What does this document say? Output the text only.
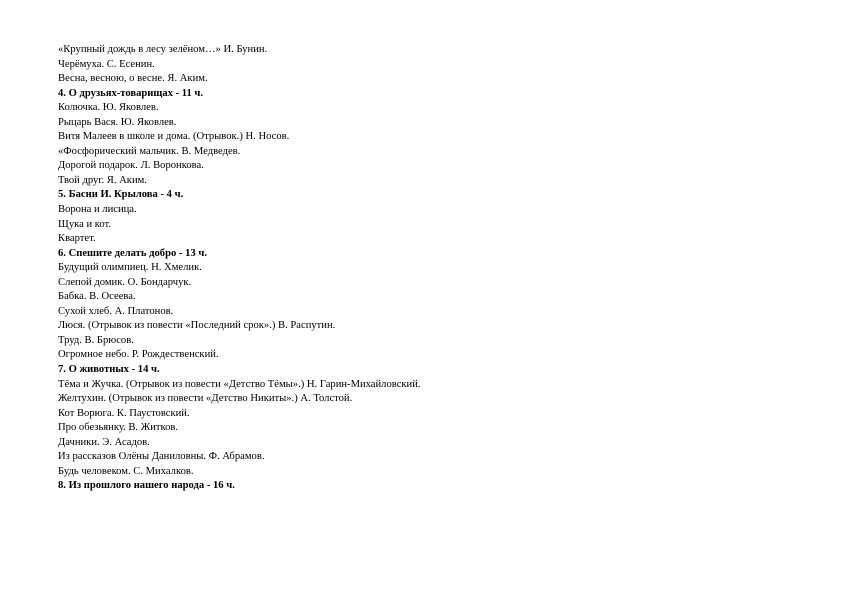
«Крупный дождь в лесу зелёном…» И. Бунин.
Черёмуха. С. Есенин.
Весна, весною, о весне. Я. Аким.
4. О друзьях-товарищах - 11 ч.
Колючка. Ю. Яковлев.
Рыцарь Вася. Ю. Яковлев.
Витя Малеев в школе и дома. (Отрывок.) Н. Носов.
«Фосфорический мальчик. В. Медведев.
Дорогой подарок. Л. Воронкова.
Твой друг. Я. Аким.
5. Басни И. Крылова - 4 ч.
Ворона и лисица.
Щука и кот.
Квартет.
6. Спешите делать добро - 13 ч.
Будущий олимпиец. Н. Хмелик.
Слепой домик. О. Бондарчук.
Бабка. В. Осеева.
Сухой хлеб. А. Платонов.
Люся. (Отрывок из повести «Последний срок».) В. Распутин.
Труд. В. Брюсов.
Огромное небо. Р. Рождественский.
7. О животных - 14 ч.
Тёма и Жучка. (Отрывок из повести «Детство Тёмы».) Н. Гарин-Михайловский.
Желтухин. (Отрывок из повести «Детство Никиты».) А. Толстой.
Кот Ворюга. К. Паустовский.
Про обезьянку. В. Житков.
Дачники. Э. Асадов.
Из рассказов Олёны Даниловны. Ф. Абрамов.
Будь человеком. С. Михалков.
8. Из прошлого нашего народа - 16 ч.
